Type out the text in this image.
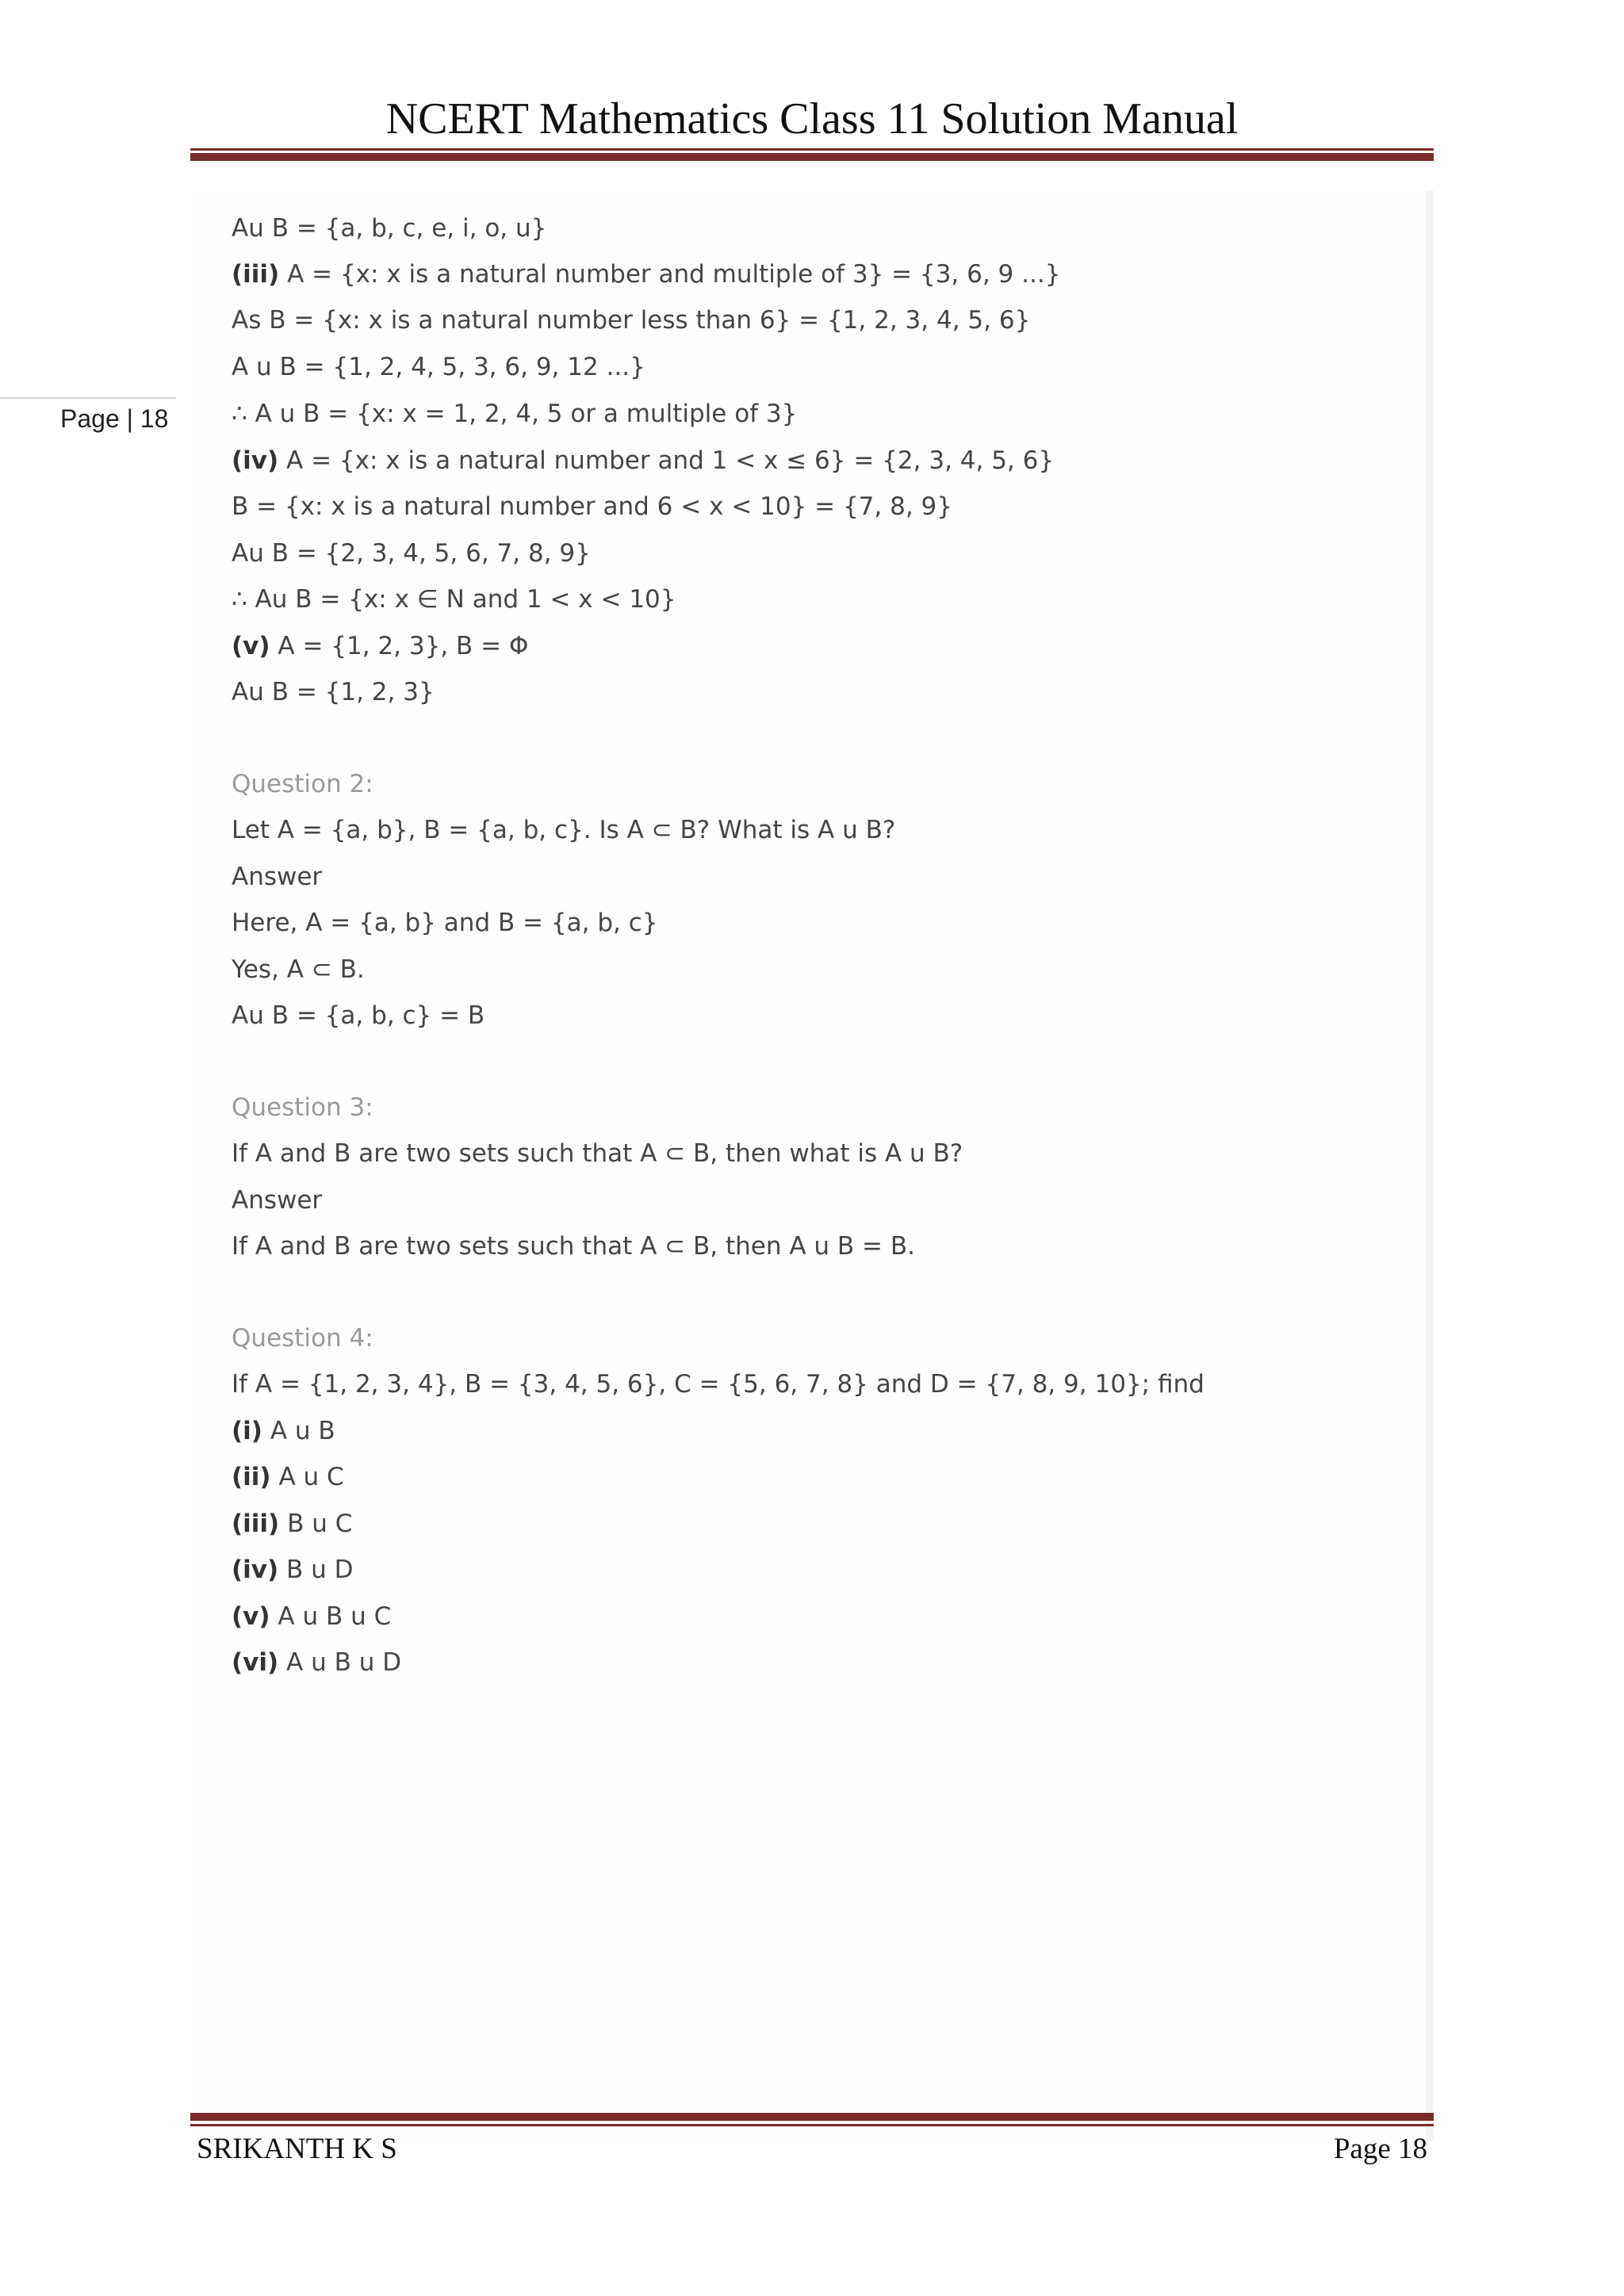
NCERT Mathematics Class 11 Solution Manual
Page | 18
Au B = {a, b, c, e, i, o, u}
(iii) A = {x: x is a natural number and multiple of 3} = {3, 6, 9 ...}
As B = {x: x is a natural number less than 6} = {1, 2, 3, 4, 5, 6}
A u B = {1, 2, 4, 5, 3, 6, 9, 12 ...}
∴ A u B = {x: x = 1, 2, 4, 5 or a multiple of 3}
(iv) A = {x: x is a natural number and 1 < x ≤ 6} = {2, 3, 4, 5, 6}
B = {x: x is a natural number and 6 < x < 10} = {7, 8, 9}
Au B = {2, 3, 4, 5, 6, 7, 8, 9}
∴ Au B = {x: x ∈ N and 1 < x < 10}
(v) A = {1, 2, 3}, B = Φ
Au B = {1, 2, 3}
Question 2:
Let A = {a, b}, B = {a, b, c}. Is A ⊂ B? What is A u B?
Answer
Here, A = {a, b} and B = {a, b, c}
Yes, A ⊂ B.
Au B = {a, b, c} = B
Question 3:
If A and B are two sets such that A ⊂ B, then what is A u B?
Answer
If A and B are two sets such that A ⊂ B, then A u B = B.
Question 4:
If A = {1, 2, 3, 4}, B = {3, 4, 5, 6}, C = {5, 6, 7, 8} and D = {7, 8, 9, 10}; find
(i) A u B
(ii) A u C
(iii) B u C
(iv) B u D
(v) A u B u C
(vi) A u B u D
SRIKANTH K S	Page 18
